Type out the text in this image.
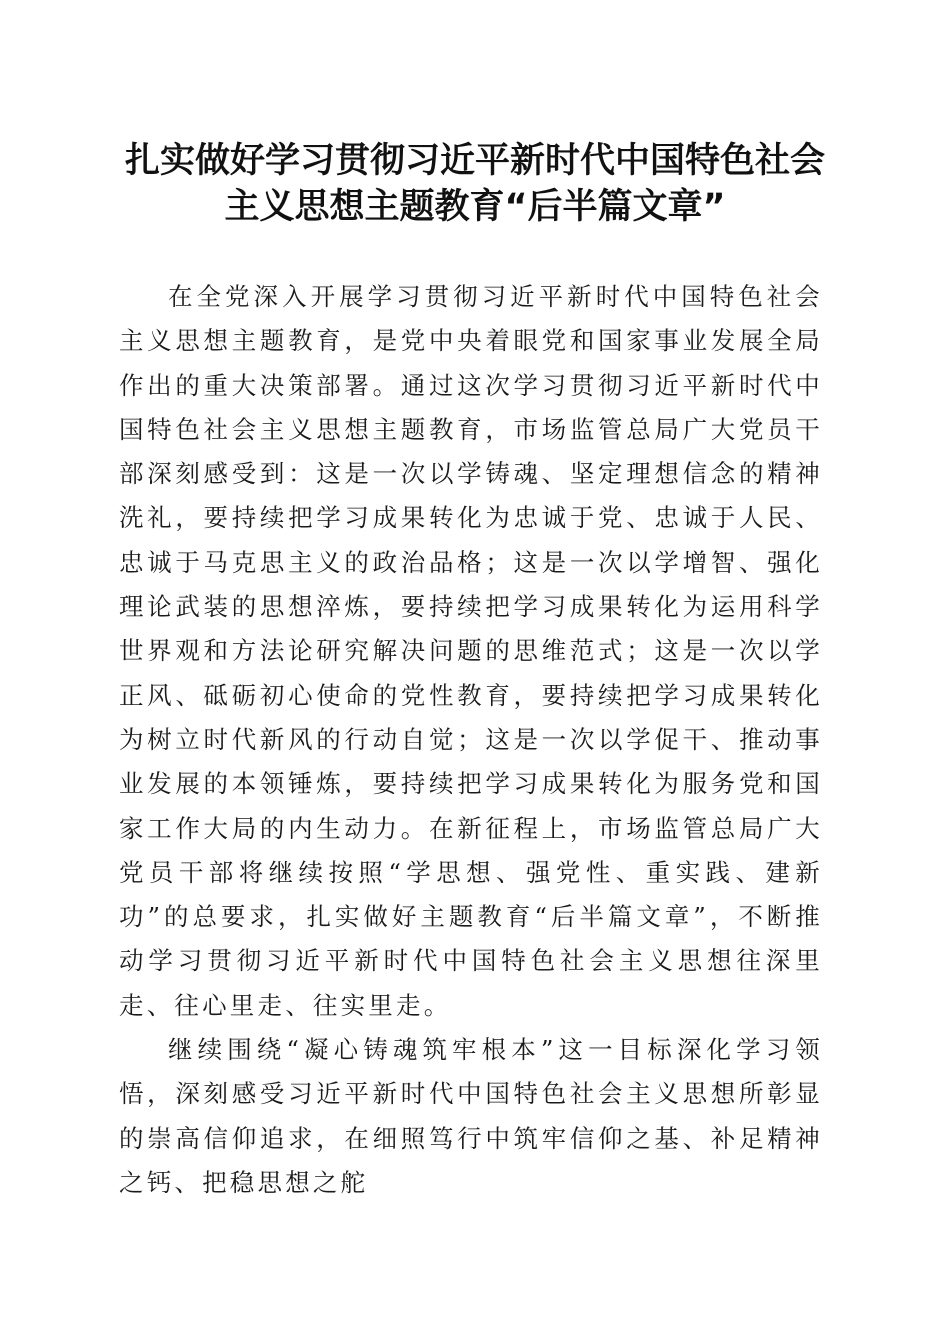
扎实做好学习贯彻习近平新时代中国特色社会
主义思想主题教育“后半篇文章”

在全党深入开展学习贯彻习近平新时代中国特色社会主义思想主题教育，是党中央着眼党和国家事业发展全局作出的重大决策部署。通过这次学习贯彻习近平新时代中国特色社会主义思想主题教育，市场监管总局广大党员干部深刻感受到：这是一次以学铸魂、坚定理想信念的精神洗礼，要持续把学习成果转化为忠诚于党、忠诚于人民、忠诚于马克思主义的政治品格；这是一次以学增智、强化理论武装的思想淬炼，要持续把学习成果转化为运用科学世界观和方法论研究解决问题的思维范式；这是一次以学正风、砥砺初心使命的党性教育，要持续把学习成果转化为树立时代新风的行动自觉；这是一次以学促干、推动事业发展的本领锤炼，要持续把学习成果转化为服务党和国家工作大局的内生动力。在新征程上，市场监管总局广大党员干部将继续按照“学思想、强党性、重实践、建新功”的总要求，扎实做好主题教育“后半篇文章”，不断推动学习贯彻习近平新时代中国特色社会主义思想往深里走、往心里走、往实里走。

继续围绕“凝心铸魂筑牢根本”这一目标深化学习领悟，深刻感受习近平新时代中国特色社会主义思想所彰显的崇高信仰追求，在细照笃行中筑牢信仰之基、补足精神之钙、把稳思想之舵
